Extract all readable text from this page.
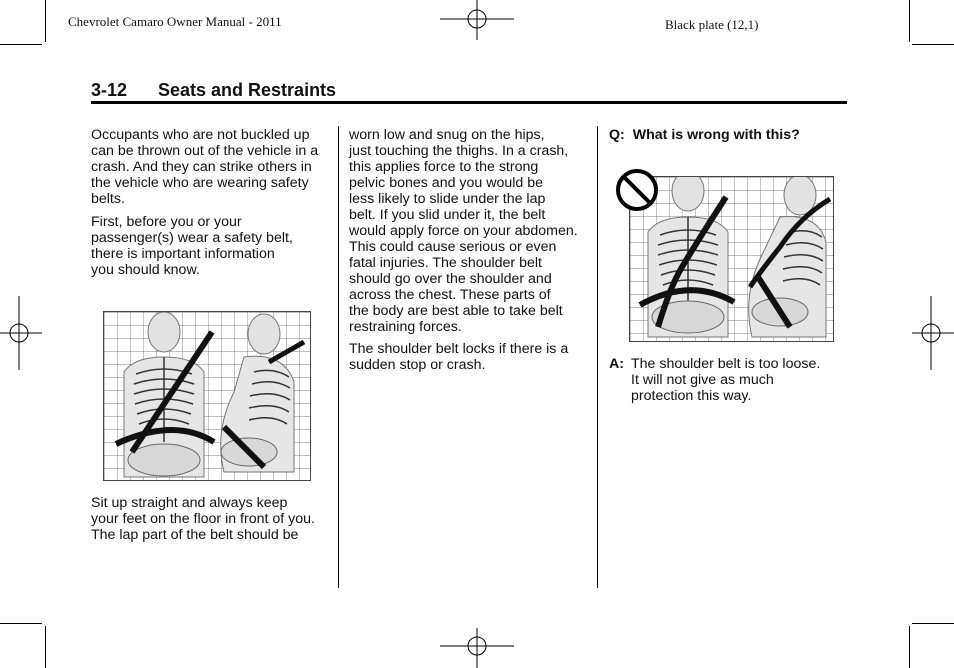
Chevrolet Camaro Owner Manual - 2011	Black plate (12,1)
3-12 Seats and Restraints
Occupants who are not buckled up
can be thrown out of the vehicle in a
crash. And they can strike others in
the vehicle who are wearing safety
belts.
First, before you or your
passenger(s) wear a safety belt,
there is important information
you should know.
Sit up straight and always keep
your feet on the floor in front of you.
The lap part of the belt should be
worn low and snug on the hips,
just touching the thighs. In a crash,
this applies force to the strong
pelvic bones and you would be
less likely to slide under the lap
belt. If you slid under it, the belt
would apply force on your abdomen.
This could cause serious or even
fatal injuries. The shoulder belt
should go over the shoulder and
across the chest. These parts of
the body are best able to take belt
restraining forces.
The shoulder belt locks if there is a
sudden stop or crash.
Q: What is wrong with this?
A: The shoulder belt is too loose.
It will not give as much
protection this way.
